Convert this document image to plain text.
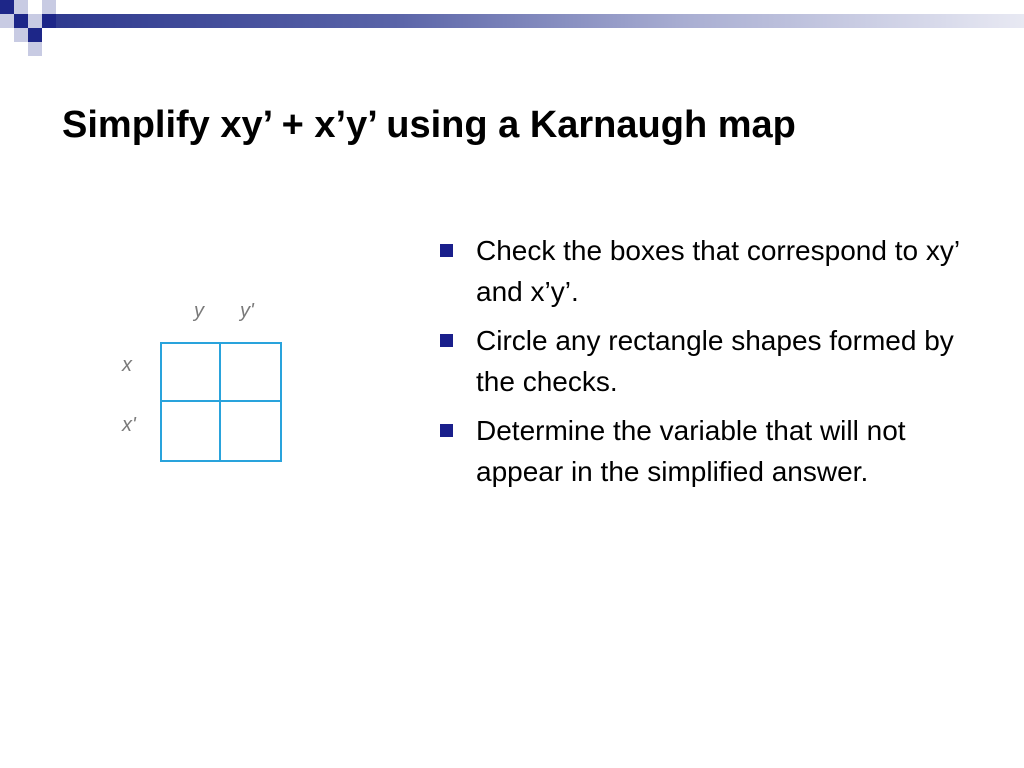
Simplify xy’ + x’y’ using a Karnaugh map
y y'
x
x'
Check the boxes that correspond to xy’ and x’y’.
Circle any rectangle shapes formed by the checks.
Determine the variable that will not appear in the simplified answer.
